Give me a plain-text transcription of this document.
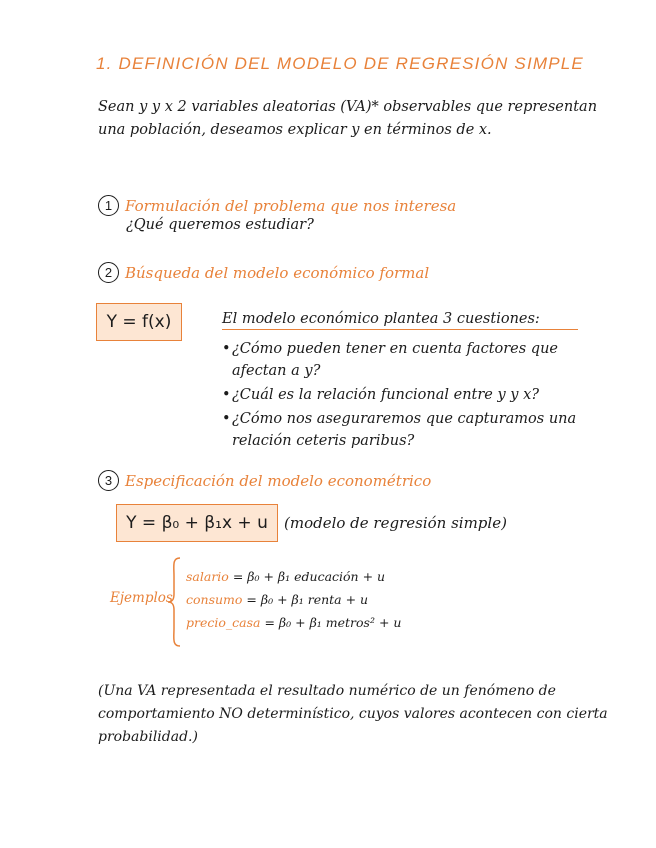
1. DEFINICIÓN DEL MODELO DE REGRESIÓN SIMPLE
Sean y y x 2 variables aleatorias (VA)* observables que representan una población, deseamos explicar y en términos de x.
1 Formulación del problema que nos interesa
¿Qué queremos estudiar?
2 Búsqueda del modelo económico formal
Y = f(x)	El modelo económico plantea 3 cuestiones:
• ¿Cómo pueden tener en cuenta factores que afectan a y?
• ¿Cuál es la relación funcional entre y y x?
• ¿Cómo nos aseguraremos que capturamos una relación ceteris paribus?
3 Especificación del modelo econométrico
Y = β₀ + β₁x + u	(modelo de regresión simple)
Ejemplos
salario = β₀ + β₁ educación + u
consumo = β₀ + β₁ renta + u
precio_casa = β₀ + β₁ metros² + u
(Una VA representada el resultado numérico de un fenómeno de comportamiento NO determinístico, cuyos valores acontecen con cierta probabilidad.)
